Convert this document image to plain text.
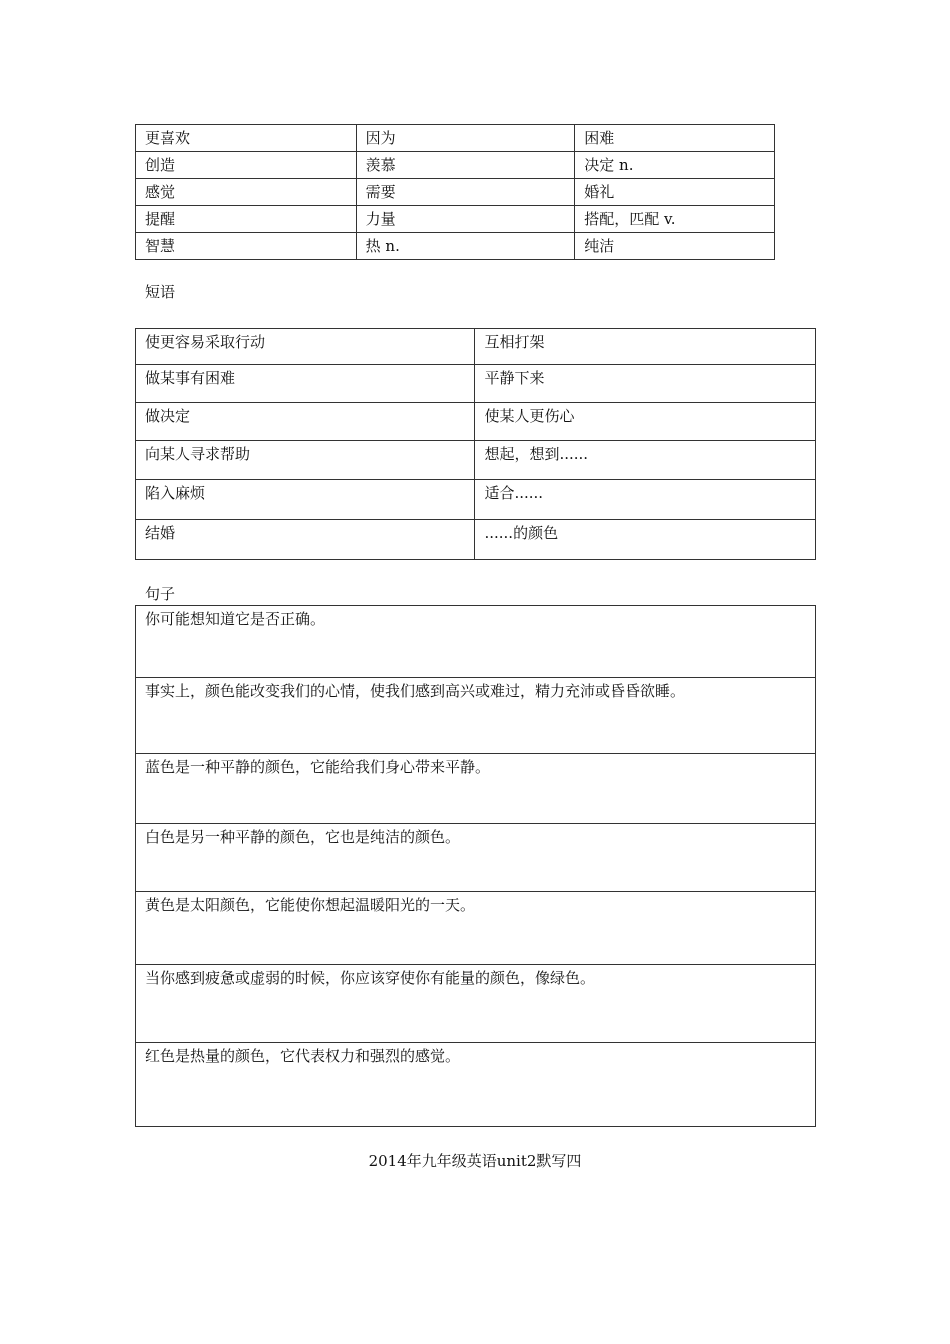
更喜欢	因为	困难
创造	羡慕	决定 n.
感觉	需要	婚礼
提醒	力量	搭配，匹配 v.
智慧	热 n.	纯洁
短语
使更容易采取行动	互相打架
做某事有困难	平静下来
做决定	使某人更伤心
向某人寻求帮助	想起，想到......
陷入麻烦	适合......
结婚	......的颜色
句子
你可能想知道它是否正确。
事实上，颜色能改变我们的心情，使我们感到高兴或难过，精力充沛或昏昏欲睡。
蓝色是一种平静的颜色，它能给我们身心带来平静。
白色是另一种平静的颜色，它也是纯洁的颜色。
黄色是太阳颜色，它能使你想起温暖阳光的一天。
当你感到疲惫或虚弱的时候，你应该穿使你有能量的颜色，像绿色。
红色是热量的颜色，它代表权力和强烈的感觉。
2014年九年级英语unit2默写四
